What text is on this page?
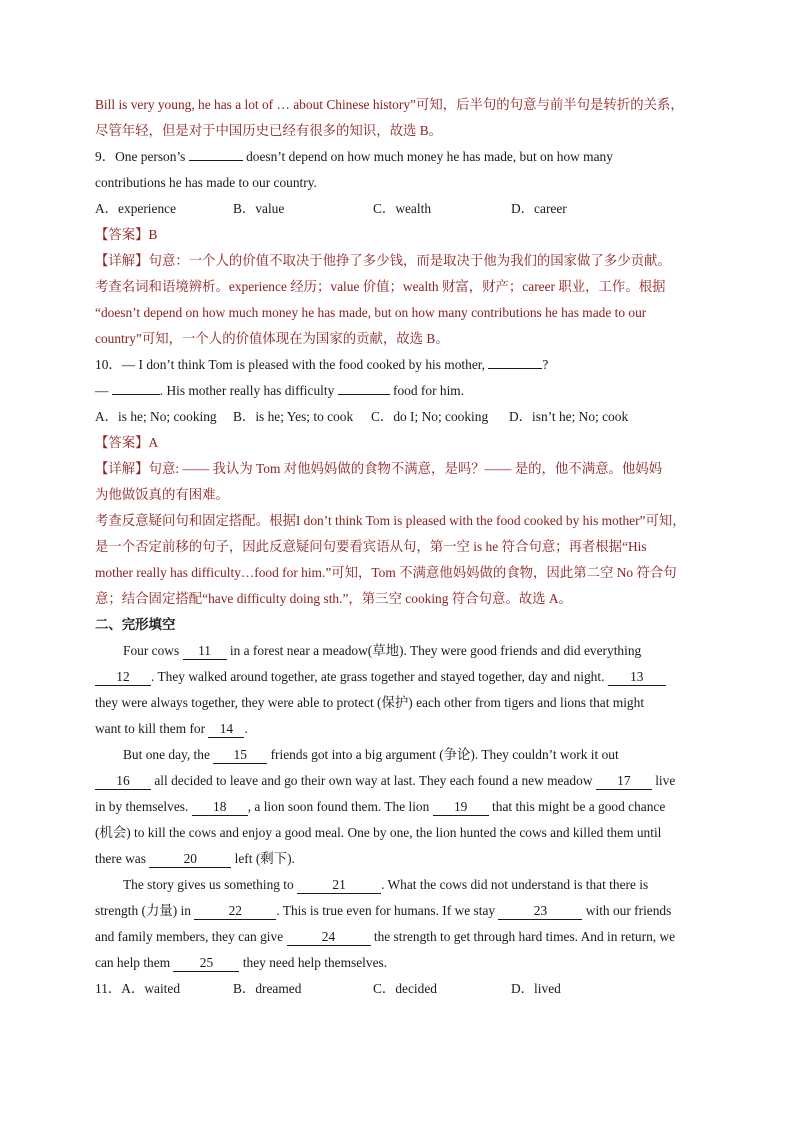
Bill is very young, he has a lot of … about Chinese history”可知，后半句的句意与前半句是转折的关系，
尽管年轻，但是对于中国历史已经有很多的知识，故选 B。
9．One person’s	doesn’t depend on how much money he has made, but on how many
contributions he has made to our country.
A．experience	B．value	C．wealth	D．career
【答案】B
【详解】句意：一个人的价值不取决于他挣了多少钱，而是取决于他为我们的国家做了多少贡献。
考查名词和语境辨析。experience 经历；value 价值；wealth 财富，财产；career 职业，工作。根据
“doesn’t depend on how much money he has made, but on how many contributions he has made to our
country”可知，一个人的价值体现在为国家的贡献，故选 B。
10．— I don’t think Tom is pleased with the food cooked by his mother,	?
—	. His mother really has difficulty	food for him.
A．is he; No; cooking B．is he; Yes; to cook C．do I; No; cooking D．isn’t he; No; cook
【答案】A
【详解】句意: —— 我认为 Tom 对他妈妈做的食物不满意，是吗？—— 是的，他不满意。他妈妈
为他做饭真的有困难。
考查反意疑问句和固定搭配。根据I don’t think Tom is pleased with the food cooked by his mother”可知，
是一个否定前移的句子，因此反意疑问句要看宾语从句，第一空 is he 符合句意；再者根据“His
mother really has difficulty…food for him.”可知，Tom 不满意他妈妈做的食物，因此第二空 No 符合句
意；结合固定搭配“have difficulty doing sth.”，第三空 cooking 符合句意。故选 A。
二、完形填空
Four cows 11 in a forest near a meadow(草地). They were good friends and did everything
12 . They walked around together, ate grass together and stayed together, day and night. 13
they were always together, they were able to protect (保护) each other from tigers and lions that might
want to kill them for 14 .
But one day, the 15 friends got into a big argument (争论). They couldn’t work it out
16 all decided to leave and go their own way at last. They each found a new meadow 17 live
in by themselves. 18 , a lion soon found them. The lion 19 that this might be a good chance
(机会) to kill the cows and enjoy a good meal. One by one, the lion hunted the cows and killed them until
there was	20	left (剩下).
The story gives us something to	21	. What the cows did not understand is that there is
strength (力量) in	22	. This is true even for humans. If we stay	23	with our friends
and family members, they can give	24	the strength to get through hard times. And in return, we
can help them 25 they need help themselves.
11．A．waited	B．dreamed	C．decided	D．lived
